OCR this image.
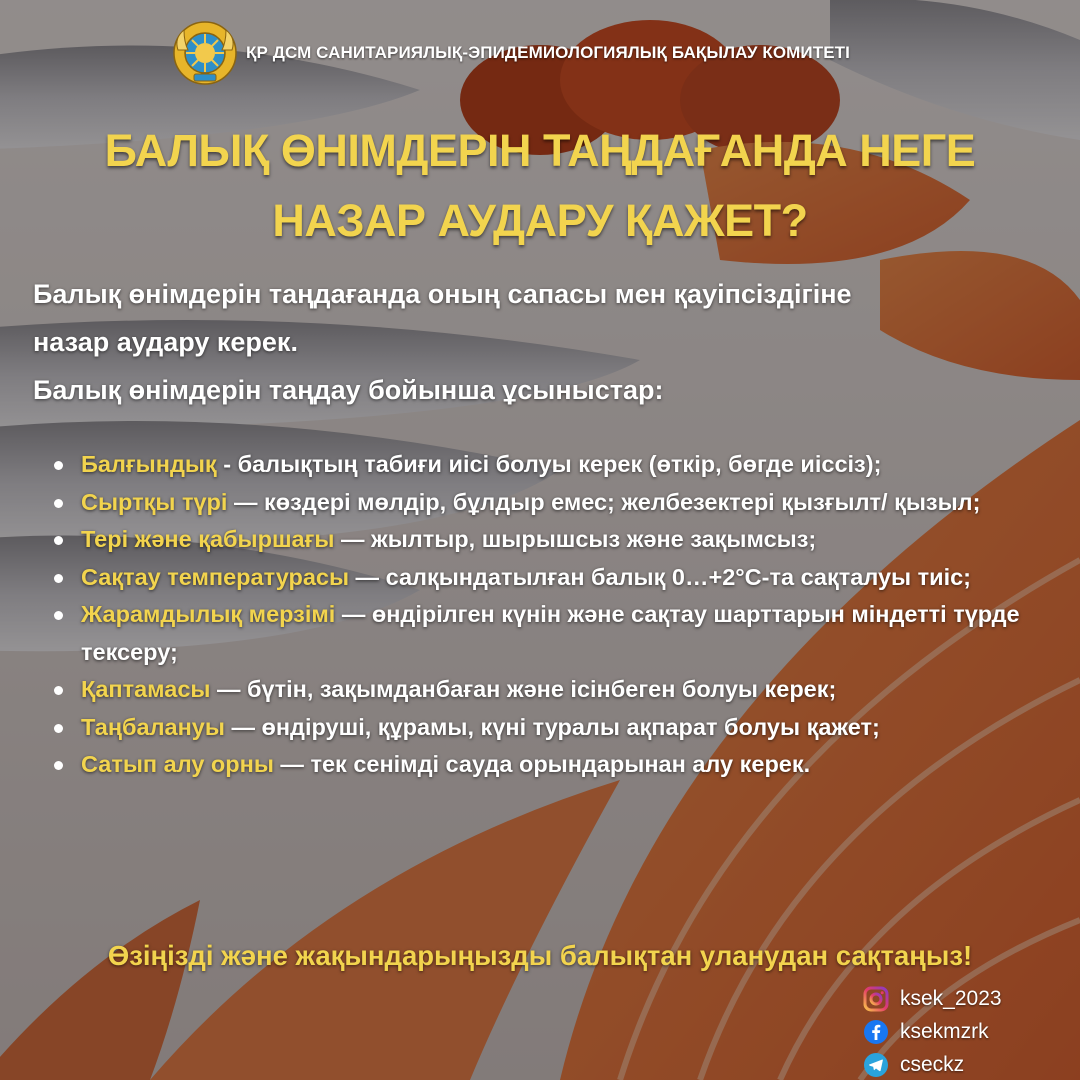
ҚР ДСМ САНИТАРИЯЛЫҚ-ЭПИДЕМИОЛОГИЯЛЫҚ БАҚЫЛАУ КОМИТЕТІ
БАЛЫҚ ӨНІМДЕРІН ТАҢДАҒАНДА НЕГЕ
НАЗАР АУДАРУ ҚАЖЕТ?
Балық өнімдерін таңдағанда оның сапасы мен қауіпсіздігіне
назар аудару керек.
Балық өнімдерін таңдау бойынша ұсыныстар:
Балғындық - балықтың табиғи иісі болуы керек (өткір, бөгде иіссіз);
Сыртқы түрі — көздері мөлдір, бұлдыр емес; желбезектері қызғылт/ қызыл;
Тері және қабыршағы — жылтыр, шырышсыз және зақымсыз;
Сақтау температурасы — салқындатылған балық 0…+2°С-та сақталуы тиіс;
Жарамдылық мерзімі — өндірілген күнін және сақтау шарттарын міндетті түрде тексеру;
Қаптамасы — бүтін, зақымданбаған және ісінбеген болуы керек;
Таңбалануы — өндіруші, құрамы, күні туралы ақпарат болуы қажет;
Сатып алу орны — тек сенімді сауда орындарынан алу керек.
Өзіңізді және жақындарыңызды балықтан уланудан сақтаңыз!
ksek_2023
ksekmzrk
cseckz
